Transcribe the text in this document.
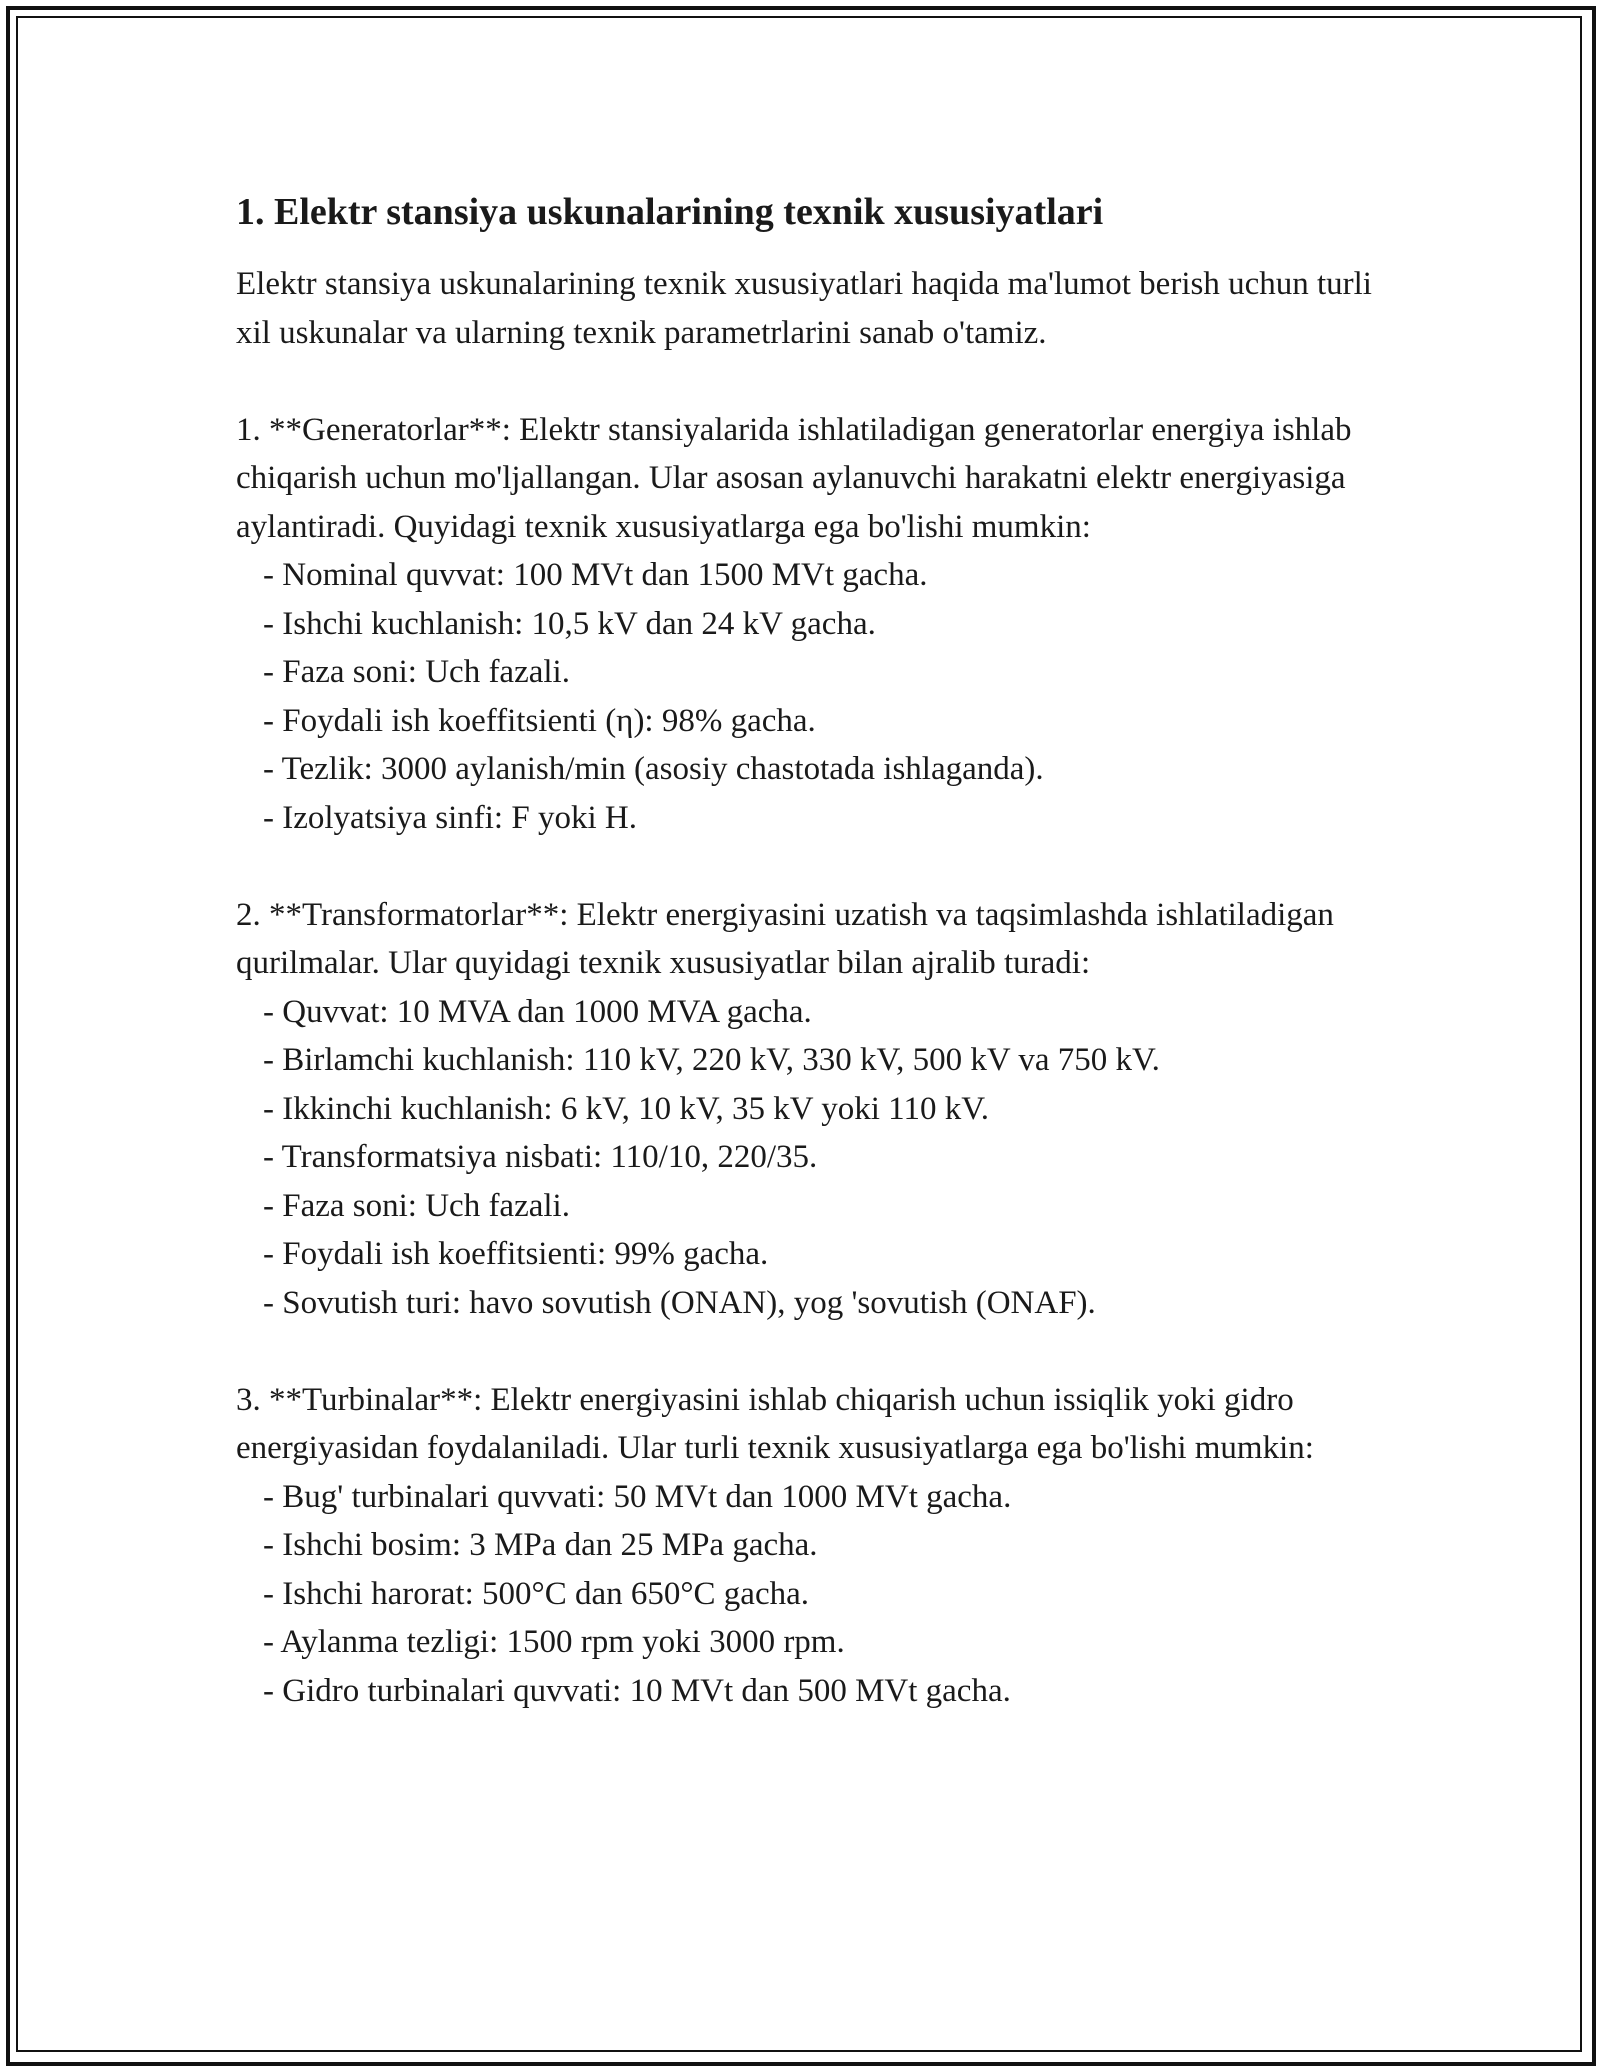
1. Elektr stansiya uskunalarining texnik xususiyatlari

Elektr stansiya uskunalarining texnik xususiyatlari haqida ma'lumot berish uchun turli xil uskunalar va ularning texnik parametrlarini sanab o'tamiz.

1. **Generatorlar**: Elektr stansiyalarida ishlatiladigan generatorlar energiya ishlab chiqarish uchun mo'ljallangan. Ular asosan aylanuvchi harakatni elektr energiyasiga aylantiradi. Quyidagi texnik xususiyatlarga ega bo'lishi mumkin:

- Nominal quvvat: 100 MVt dan 1500 MVt gacha.
- Ishchi kuchlanish: 10,5 kV dan 24 kV gacha.
- Faza soni: Uch fazali.
- Foydali ish koeffitsienti (η): 98% gacha.
- Tezlik: 3000 aylanish/min (asosiy chastotada ishlaganda).
- Izolyatsiya sinfi: F yoki H.

2. **Transformatorlar**: Elektr energiyasini uzatish va taqsimlashda ishlatiladigan qurilmalar. Ular quyidagi texnik xususiyatlar bilan ajralib turadi:

- Quvvat: 10 MVA dan 1000 MVA gacha.
- Birlamchi kuchlanish: 110 kV, 220 kV, 330 kV, 500 kV va 750 kV.
- Ikkinchi kuchlanish: 6 kV, 10 kV, 35 kV yoki 110 kV.
- Transformatsiya nisbati: 110/10, 220/35.
- Faza soni: Uch fazali.
- Foydali ish koeffitsienti: 99% gacha.
- Sovutish turi: havo sovutish (ONAN), yog 'sovutish (ONAF).

3. **Turbinalar**: Elektr energiyasini ishlab chiqarish uchun issiqlik yoki gidro energiyasidan foydalaniladi. Ular turli texnik xususiyatlarga ega bo'lishi mumkin:

- Bug' turbinalari quvvati: 50 MVt dan 1000 MVt gacha.
- Ishchi bosim: 3 MPa dan 25 MPa gacha.
- Ishchi harorat: 500°C dan 650°C gacha.
- Aylanma tezligi: 1500 rpm yoki 3000 rpm.
- Gidro turbinalari quvvati: 10 MVt dan 500 MVt gacha.
